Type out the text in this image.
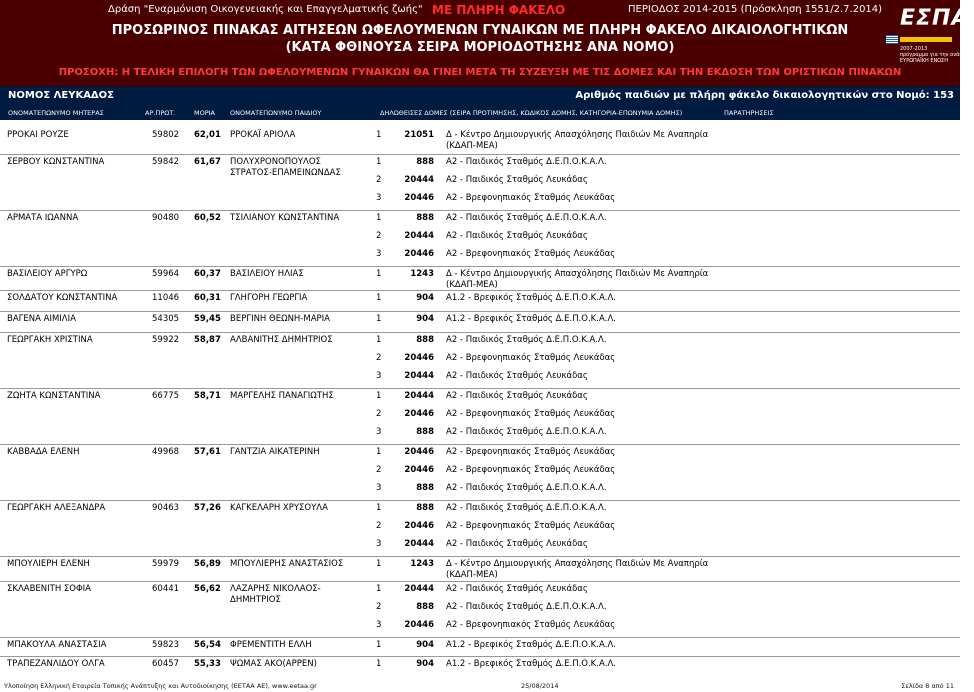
Δράση "Εναρμόνιση Οικογενειακής και Επαγγελματικής ζωής" ΜΕ ΠΛΗΡΗ ΦΑΚΕΛΟ	ΠΕΡΙΟΔΟΣ 2014-2015 (Πρόσκληση 1551/2.7.2014)
ΠΡΟΣΩΡΙΝΟΣ ΠΙΝΑΚΑΣ ΑΙΤΗΣΕΩΝ ΩΦΕΛΟΥΜΕΝΩΝ ΓΥΝΑΙΚΩΝ ΜΕ ΠΛΗΡΗ ΦΑΚΕΛΟ ΔΙΚΑΙΟΛΟΓΗΤΙΚΩΝ
(ΚΑΤΑ ΦΘΙΝΟΥΣΑ ΣΕΙΡΑ ΜΟΡΙΟΔΟΤΗΣΗΣ ΑΝΑ ΝΟΜΟ)
ΠΡΟΣΟΧΗ: Η ΤΕΛΙΚΗ ΕΠΙΛΟΓΗ ΤΩΝ ΩΦΕΛΟΥΜΕΝΩΝ ΓΥΝΑΙΚΩΝ ΘΑ ΓΙΝΕΙ ΜΕΤΑ ΤΗ ΣΥΖΕΥΞΗ ΜΕ ΤΙΣ ΔΟΜΕΣ ΚΑΙ ΤΗΝ ΕΚΔΟΣΗ ΤΩΝ ΟΡΙΣΤΙΚΩΝ ΠΙΝΑΚΩΝ
ΕΣΠΑ
2007-2013
πρόγραμμα για την ανάπτυξη
ΕΥΡΩΠΑΪΚΗ ΕΝΩΣΗ
ΝΟΜΟΣ ΛΕΥΚΑΔΟΣ	Αριθμός παιδιών με πλήρη φάκελο δικαιολογητικών στο Νομό: 153
ΟΝΟΜΑΤΕΠΩΝΥΜΟ ΜΗΤΕΡΑΣ	ΑΡ.ΠΡΩΤ.	ΜΟΡΙΑ ΟΝΟΜΑΤΕΠΩΝΥΜΟ ΠΑΙΔΙΟΥ	ΔΗΛΩΘΕΙΣΕΣ ΔΟΜΕΣ (ΣΕΙΡΑ ΠΡΟΤΙΜΗΣΗΣ, ΚΩΔΙΚΟΣ ΔΟΜΗΣ, ΚΑΤΗΓΟΡΙΑ-ΕΠΩΝΥΜΙΑ ΔΟΜΗΣ)	ΠΑΡΑΤΗΡΗΣΕΙΣ
ΡΡΟΚΑΙ ΡΟΥΖΕ	59802 62,01 ΡΡΟΚΑΪ ΑΡΙΟΛΑ	1	21051 Δ - Κέντρο Δημιουργικής Απασχόλησης Παιδιών Με Αναπηρία
(ΚΔΑΠ-ΜΕΑ)
ΣΕΡΒΟΥ ΚΩΝΣΤΑΝΤΙΝΑ	59842 61,67 ΠΟΛΥΧΡΟΝΟΠΟΥΛΟΣ
ΣΤΡΑΤΟΣ-ΕΠΑΜΕΙΝΩΝΔΑΣ
1	888 Α2 - Παιδικός Σταθμός Δ.Ε.Π.Ο.Κ.Α.Λ.
2	20444 Α2 - Παιδικός Σταθμός Λευκάδας
3	20446 Α2 - Βρεφονηπιακός Σταθμός Λευκάδας
ΑΡΜΑΤΑ ΙΩΑΝΝΑ	90480 60,52 ΤΣΙΛΙΑΝΟΥ ΚΩΝΣΤΑΝΤΙΝΑ	1	888 Α2 - Παιδικός Σταθμός Δ.Ε.Π.Ο.Κ.Α.Λ.
2	20444 Α2 - Παιδικός Σταθμός Λευκάδας
3	20446 Α2 - Βρεφονηπιακός Σταθμός Λευκάδας
ΒΑΣΙΛΕΙΟΥ ΑΡΓΥΡΩ	59964 60,37 ΒΑΣΙΛΕΙΟΥ ΗΛΙΑΣ	1	1243 Δ - Κέντρο Δημιουργικής Απασχόλησης Παιδιών Με Αναπηρία
(ΚΔΑΠ-ΜΕΑ)
ΣΟΛΔΑΤΟΥ ΚΩΝΣΤΑΝΤΙΝΑ	11046 60,31 ΓΛΗΓΟΡΗ ΓΕΩΡΓΙΑ	1	904 Α1.2 - Βρεφικός Σταθμός Δ.Ε.Π.Ο.Κ.Α.Λ.
ΒΑΓΕΝΑ ΑΙΜΙΛΙΑ	54305 59,45 ΒΕΡΓΙΝΗ ΘΕΩΝΗ-ΜΑΡΙΑ	1	904 Α1.2 - Βρεφικός Σταθμός Δ.Ε.Π.Ο.Κ.Α.Λ.
ΓΕΩΡΓΑΚΗ ΧΡΙΣΤΙΝΑ	59922 58,87 ΑΛΒΑΝΙΤΗΣ ΔΗΜΗΤΡΙΟΣ	1	888 Α2 - Παιδικός Σταθμός Δ.Ε.Π.Ο.Κ.Α.Λ.
2	20446 Α2 - Βρεφονηπιακός Σταθμός Λευκάδας
3	20444 Α2 - Παιδικός Σταθμός Λευκάδας
ΖΩΗΤΑ ΚΩΝΣΤΑΝΤΙΝΑ	66775 58,71 ΜΑΡΓΕΛΗΣ ΠΑΝΑΓΙΩΤΗΣ	1	20444 Α2 - Παιδικός Σταθμός Λευκάδας
2	20446 Α2 - Βρεφονηπιακός Σταθμός Λευκάδας
3	888 Α2 - Παιδικός Σταθμός Δ.Ε.Π.Ο.Κ.Α.Λ.
ΚΑΒΒΑΔΑ ΕΛΕΝΗ	49968 57,61 ΓΑΝΤΖΙΑ ΑΙΚΑΤΕΡΙΝΗ	1	20446 Α2 - Βρεφονηπιακός Σταθμός Λευκάδας
2	20446 Α2 - Βρεφονηπιακός Σταθμός Λευκάδας
3	888 Α2 - Παιδικός Σταθμός Δ.Ε.Π.Ο.Κ.Α.Λ.
ΓΕΩΡΓΑΚΗ ΑΛΕΞΑΝΔΡΑ	90463 57,26 ΚΑΓΚΕΛΑΡΗ ΧΡΥΣΟΥΛΑ	1	888 Α2 - Παιδικός Σταθμός Δ.Ε.Π.Ο.Κ.Α.Λ.
2	20446 Α2 - Βρεφονηπιακός Σταθμός Λευκάδας
3	20444 Α2 - Παιδικός Σταθμός Λευκάδας
ΜΠΟΥΛΙΕΡΗ ΕΛΕΝΗ	59979 56,89 ΜΠΟΥΛΙΕΡΗΣ ΑΝΑΣΤΑΣΙΟΣ	1	1243 Δ - Κέντρο Δημιουργικής Απασχόλησης Παιδιών Με Αναπηρία
(ΚΔΑΠ-ΜΕΑ)
ΣΚΛΑΒΕΝΙΤΗ ΣΟΦΙΑ	60441 56,62 ΛΑΖΑΡΗΣ ΝΙΚΟΛΑΟΣ-
ΔΗΜΗΤΡΙΟΣ
1	20444 Α2 - Παιδικός Σταθμός Λευκάδας
2	888 Α2 - Παιδικός Σταθμός Δ.Ε.Π.Ο.Κ.Α.Λ.
3	20446 Α2 - Βρεφονηπιακός Σταθμός Λευκάδας
ΜΠΑΚΟΥΛΑ ΑΝΑΣΤΑΣΙΑ	59823 56,54 ΦΡΕΜΕΝΤΙΤΗ ΕΛΛΗ	1	904 Α1.2 - Βρεφικός Σταθμός Δ.Ε.Π.Ο.Κ.Α.Λ.
ΤΡΑΠΕΖΑΝΛΙΔΟΥ ΟΛΓΑ	60457 55,33 ΨΩΜΑΣ ΑΚΟ(ΑΡΡΕΝ)	1	904 Α1.2 - Βρεφικός Σταθμός Δ.Ε.Π.Ο.Κ.Α.Λ.
Υλοποίηση Ελληνική Εταιρεία Τοπικής Ανάπτυξης και Αυτοδιοίκησης (ΕΕΤΑΑ ΑΕ), www.eetaa.gr	25/08/2014	Σελίδα 8 από 11
